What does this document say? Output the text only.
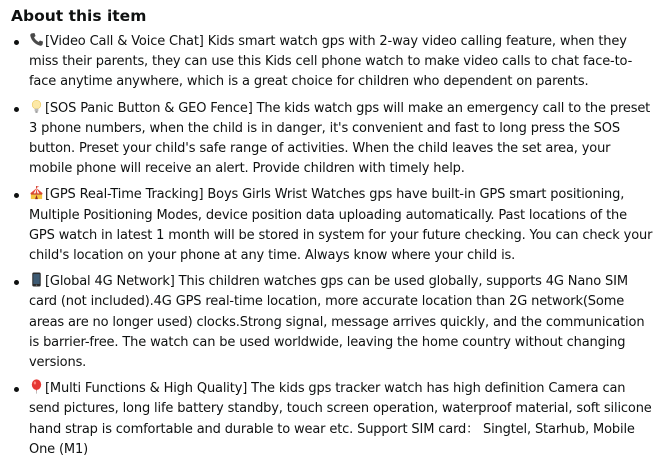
About this item
[Video Call & Voice Chat] Kids smart watch gps with 2-way video calling feature, when they miss their parents, they can use this Kids cell phone watch to make video calls to chat face-to-face anytime anywhere, which is a great choice for children who dependent on parents.
[SOS Panic Button & GEO Fence] The kids watch gps will make an emergency call to the preset 3 phone numbers, when the child is in danger, it's convenient and fast to long press the SOS button. Preset your child's safe range of activities. When the child leaves the set area, your mobile phone will receive an alert. Provide children with timely help.
[GPS Real-Time Tracking] Boys Girls Wrist Watches gps have built-in GPS smart positioning, Multiple Positioning Modes, device position data uploading automatically. Past locations of the GPS watch in latest 1 month will be stored in system for your future checking. You can check your child's location on your phone at any time. Always know where your child is.
[Global 4G Network] This children watches gps can be used globally, supports 4G Nano SIM card (not included).4G GPS real-time location, more accurate location than 2G network(Some areas are no longer used) clocks.Strong signal, message arrives quickly, and the communication is barrier-free. The watch can be used worldwide, leaving the home country without changing versions.
[Multi Functions & High Quality] The kids gps tracker watch has high definition Camera can send pictures, long life battery standby, touch screen operation, waterproof material, soft silicone hand strap is comfortable and durable to wear etc. Support SIM card： Singtel, Starhub, Mobile One (M1)
